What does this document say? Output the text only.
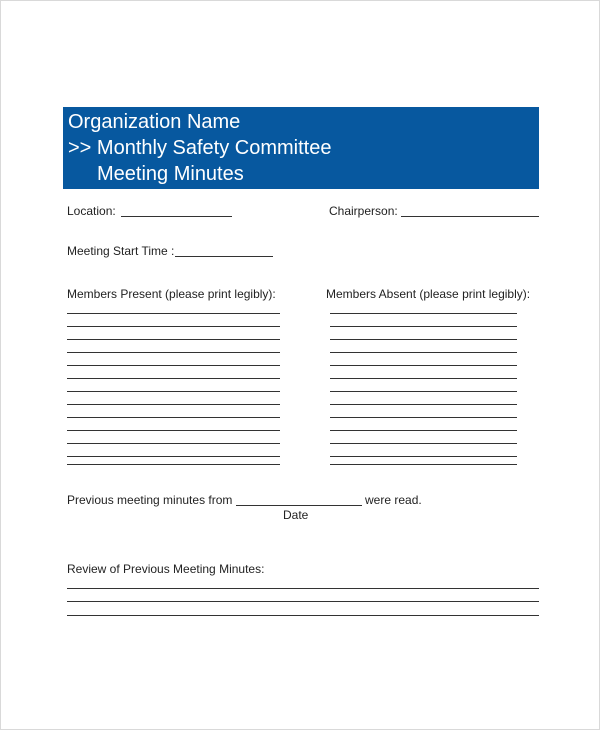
Organization Name
>> Monthly Safety Committee
Meeting Minutes
Location:	Chairperson:
Meeting Start Time :
Members Present (please print legibly):	Members Absent (please print legibly):
Previous meeting minutes from	were read.
Date
Review of Previous Meeting Minutes:
